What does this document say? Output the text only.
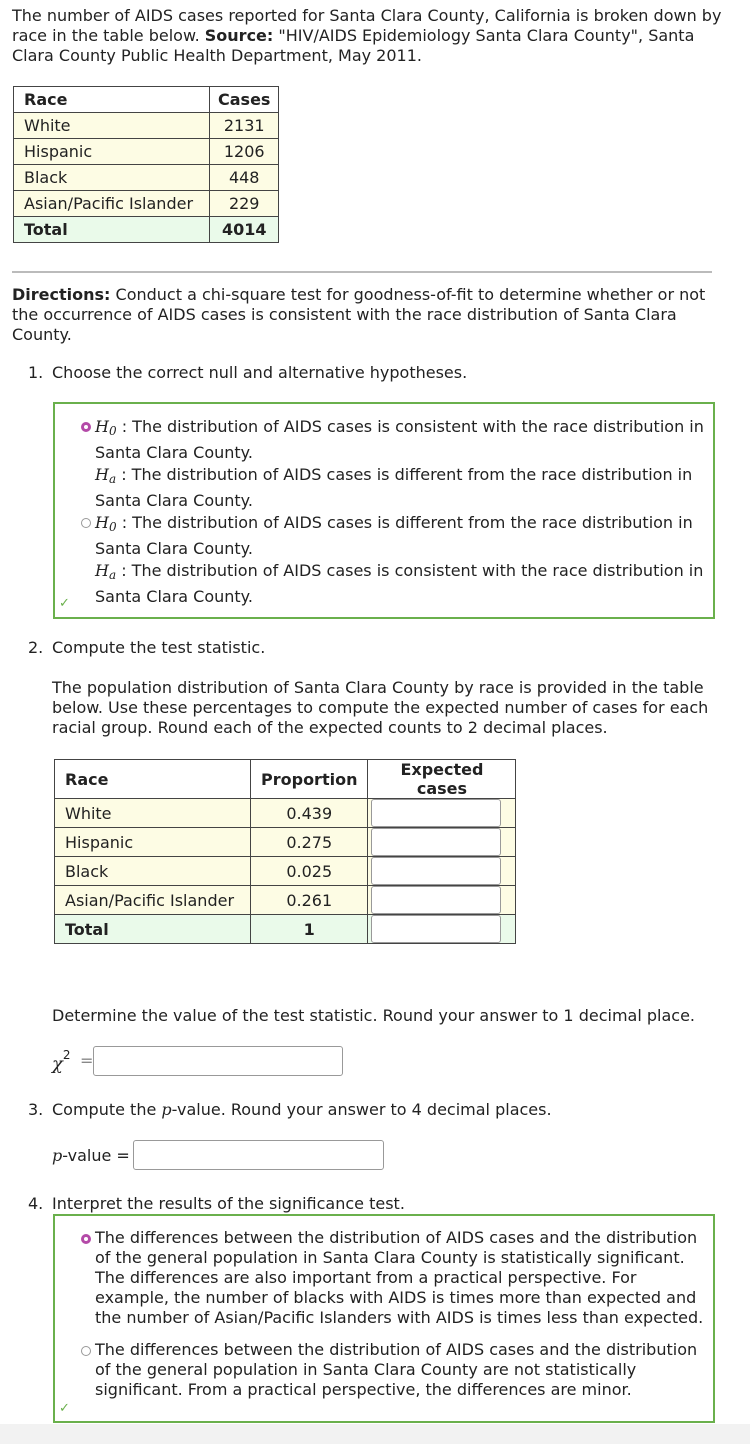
The number of AIDS cases reported for Santa Clara County, California is broken down by race in the table below. Source: "HIV/AIDS Epidemiology Santa Clara County", Santa Clara County Public Health Department, May 2011.
Race	Cases
White	2131
Hispanic	1206
Black	448
Asian/Pacific Islander	229
Total	4014
Directions: Conduct a chi-square test for goodness-of-fit to determine whether or not the occurrence of AIDS cases is consistent with the race distribution of Santa Clara County.
1. Choose the correct null and alternative hypotheses.
$H_0$ : The distribution of AIDS cases is consistent with the race distribution in Santa Clara County.
$H_a$ : The distribution of AIDS cases is different from the race distribution in Santa Clara County.
$H_0$ : The distribution of AIDS cases is different from the race distribution in Santa Clara County.
$H_a$ : The distribution of AIDS cases is consistent with the race distribution in Santa Clara County.
✓
2. Compute the test statistic.
The population distribution of Santa Clara County by race is provided in the table below. Use these percentages to compute the expected number of cases for each racial group. Round each of the expected counts to 2 decimal places.
Race	Proportion	Expected cases
White	0.439	

Hispanic	0.275	

Black	0.025	

Asian/Pacific Islander	0.261	

Total	1	
Determine the value of the test statistic. Round your answer to 1 decimal place.
$\chi^2$ =
3. Compute the p-value. Round your answer to 4 decimal places.
p-value =
4. Interpret the results of the significance test.
The differences between the distribution of AIDS cases and the distribution of the general population in Santa Clara County is statistically significant. The differences are also important from a practical perspective. For example, the number of blacks with AIDS is times more than expected and the number of Asian/Pacific Islanders with AIDS is times less than expected.
The differences between the distribution of AIDS cases and the distribution of the general population in Santa Clara County are not statistically significant. From a practical perspective, the differences are minor.
✓
